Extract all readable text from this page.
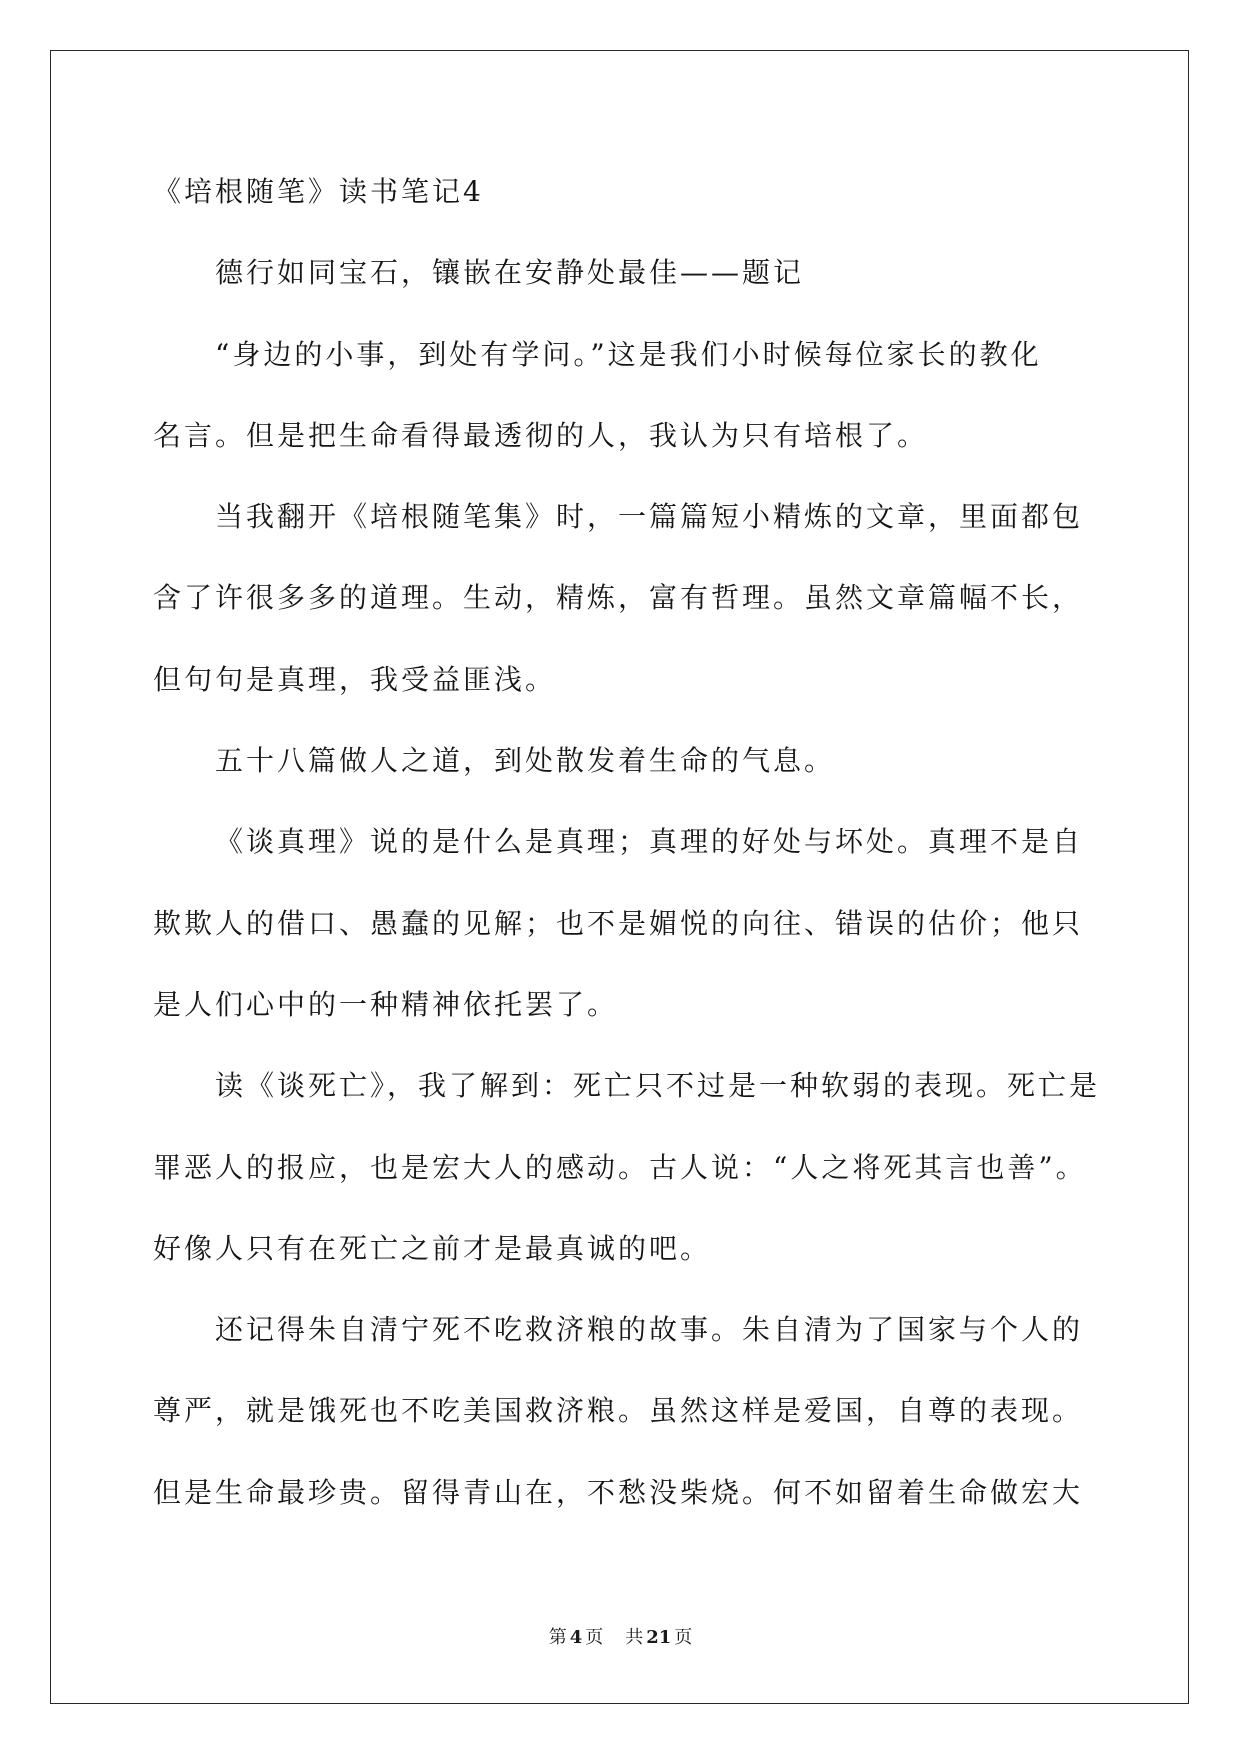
《培根随笔》读书笔记4
德行如同宝石，镶嵌在安静处最佳——题记
“身边的小事，到处有学问。”这是我们小时候每位家长的教化
名言。但是把生命看得最透彻的人，我认为只有培根了。
当我翻开《培根随笔集》时，一篇篇短小精炼的文章，里面都包
含了许很多多的道理。生动，精炼，富有哲理。虽然文章篇幅不长，
但句句是真理，我受益匪浅。
五十八篇做人之道，到处散发着生命的气息。
《谈真理》说的是什么是真理；真理的好处与坏处。真理不是自
欺欺人的借口、愚蠢的见解；也不是媚悦的向往、错误的估价；他只
是人们心中的一种精神依托罢了。
读《谈死亡》，我了解到：死亡只不过是一种软弱的表现。死亡是
罪恶人的报应，也是宏大人的感动。古人说：“人之将死其言也善”。
好像人只有在死亡之前才是最真诚的吧。
还记得朱自清宁死不吃救济粮的故事。朱自清为了国家与个人的
尊严，就是饿死也不吃美国救济粮。虽然这样是爱国，自尊的表现。
但是生命最珍贵。留得青山在，不愁没柴烧。何不如留着生命做宏大
第 4 页 共 21 页
